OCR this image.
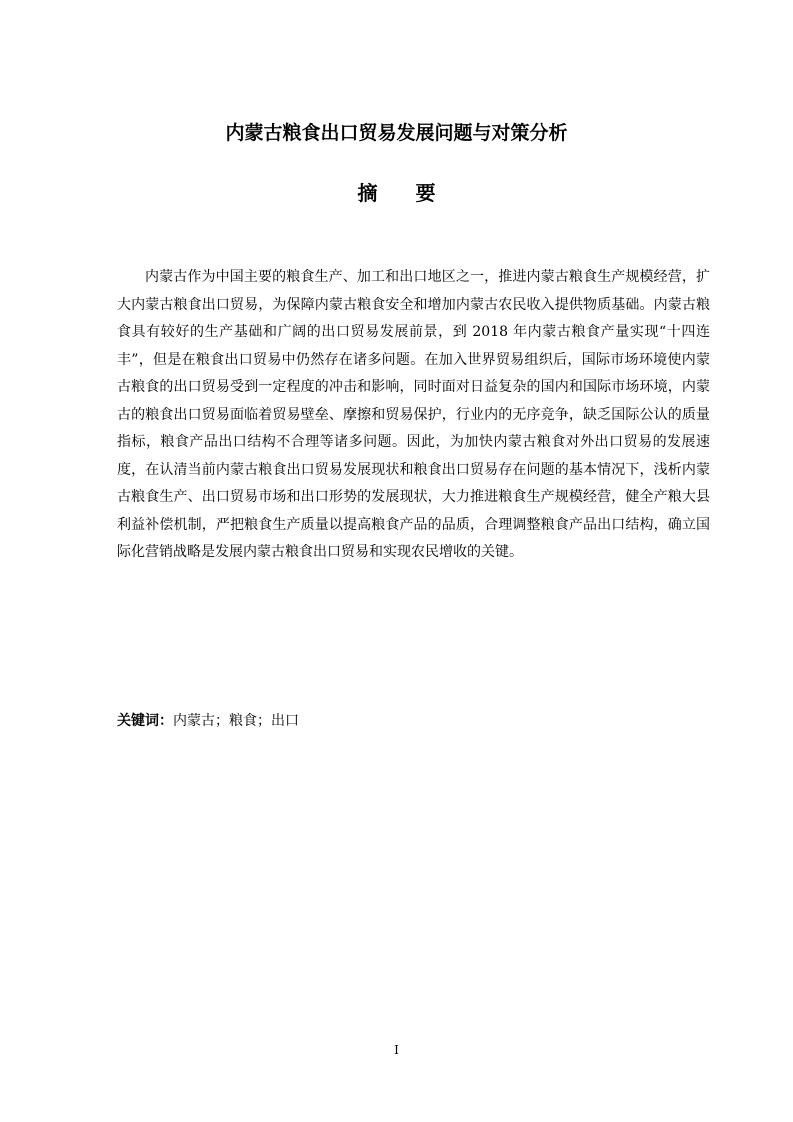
内蒙古粮食出口贸易发展问题与对策分析
摘要

内蒙古作为中国主要的粮食生产、加工和出口地区之一，推进内蒙古粮食生产规模经营，扩大内蒙古粮食出口贸易，为保障内蒙古粮食安全和增加内蒙古农民收入提供物质基础。内蒙古粮食具有较好的生产基础和广阔的出口贸易发展前景，到 2018 年内蒙古粮食产量实现“十四连丰”，但是在粮食出口贸易中仍然存在诸多问题。在加入世界贸易组织后，国际市场环境使内蒙古粮食的出口贸易受到一定程度的冲击和影响，同时面对日益复杂的国内和国际市场环境，内蒙古的粮食出口贸易面临着贸易壁垒、摩擦和贸易保护，行业内的无序竞争，缺乏国际公认的质量指标，粮食产品出口结构不合理等诸多问题。因此，为加快内蒙古粮食对外出口贸易的发展速度，在认清当前内蒙古粮食出口贸易发展现状和粮食出口贸易存在问题的基本情况下，浅析内蒙古粮食生产、出口贸易市场和出口形势的发展现状，大力推进粮食生产规模经营，健全产粮大县利益补偿机制，严把粮食生产质量以提高粮食产品的品质，合理调整粮食产品出口结构，确立国际化营销战略是发展内蒙古粮食出口贸易和实现农民增收的关键。

关键词：内蒙古；粮食；出口

I
